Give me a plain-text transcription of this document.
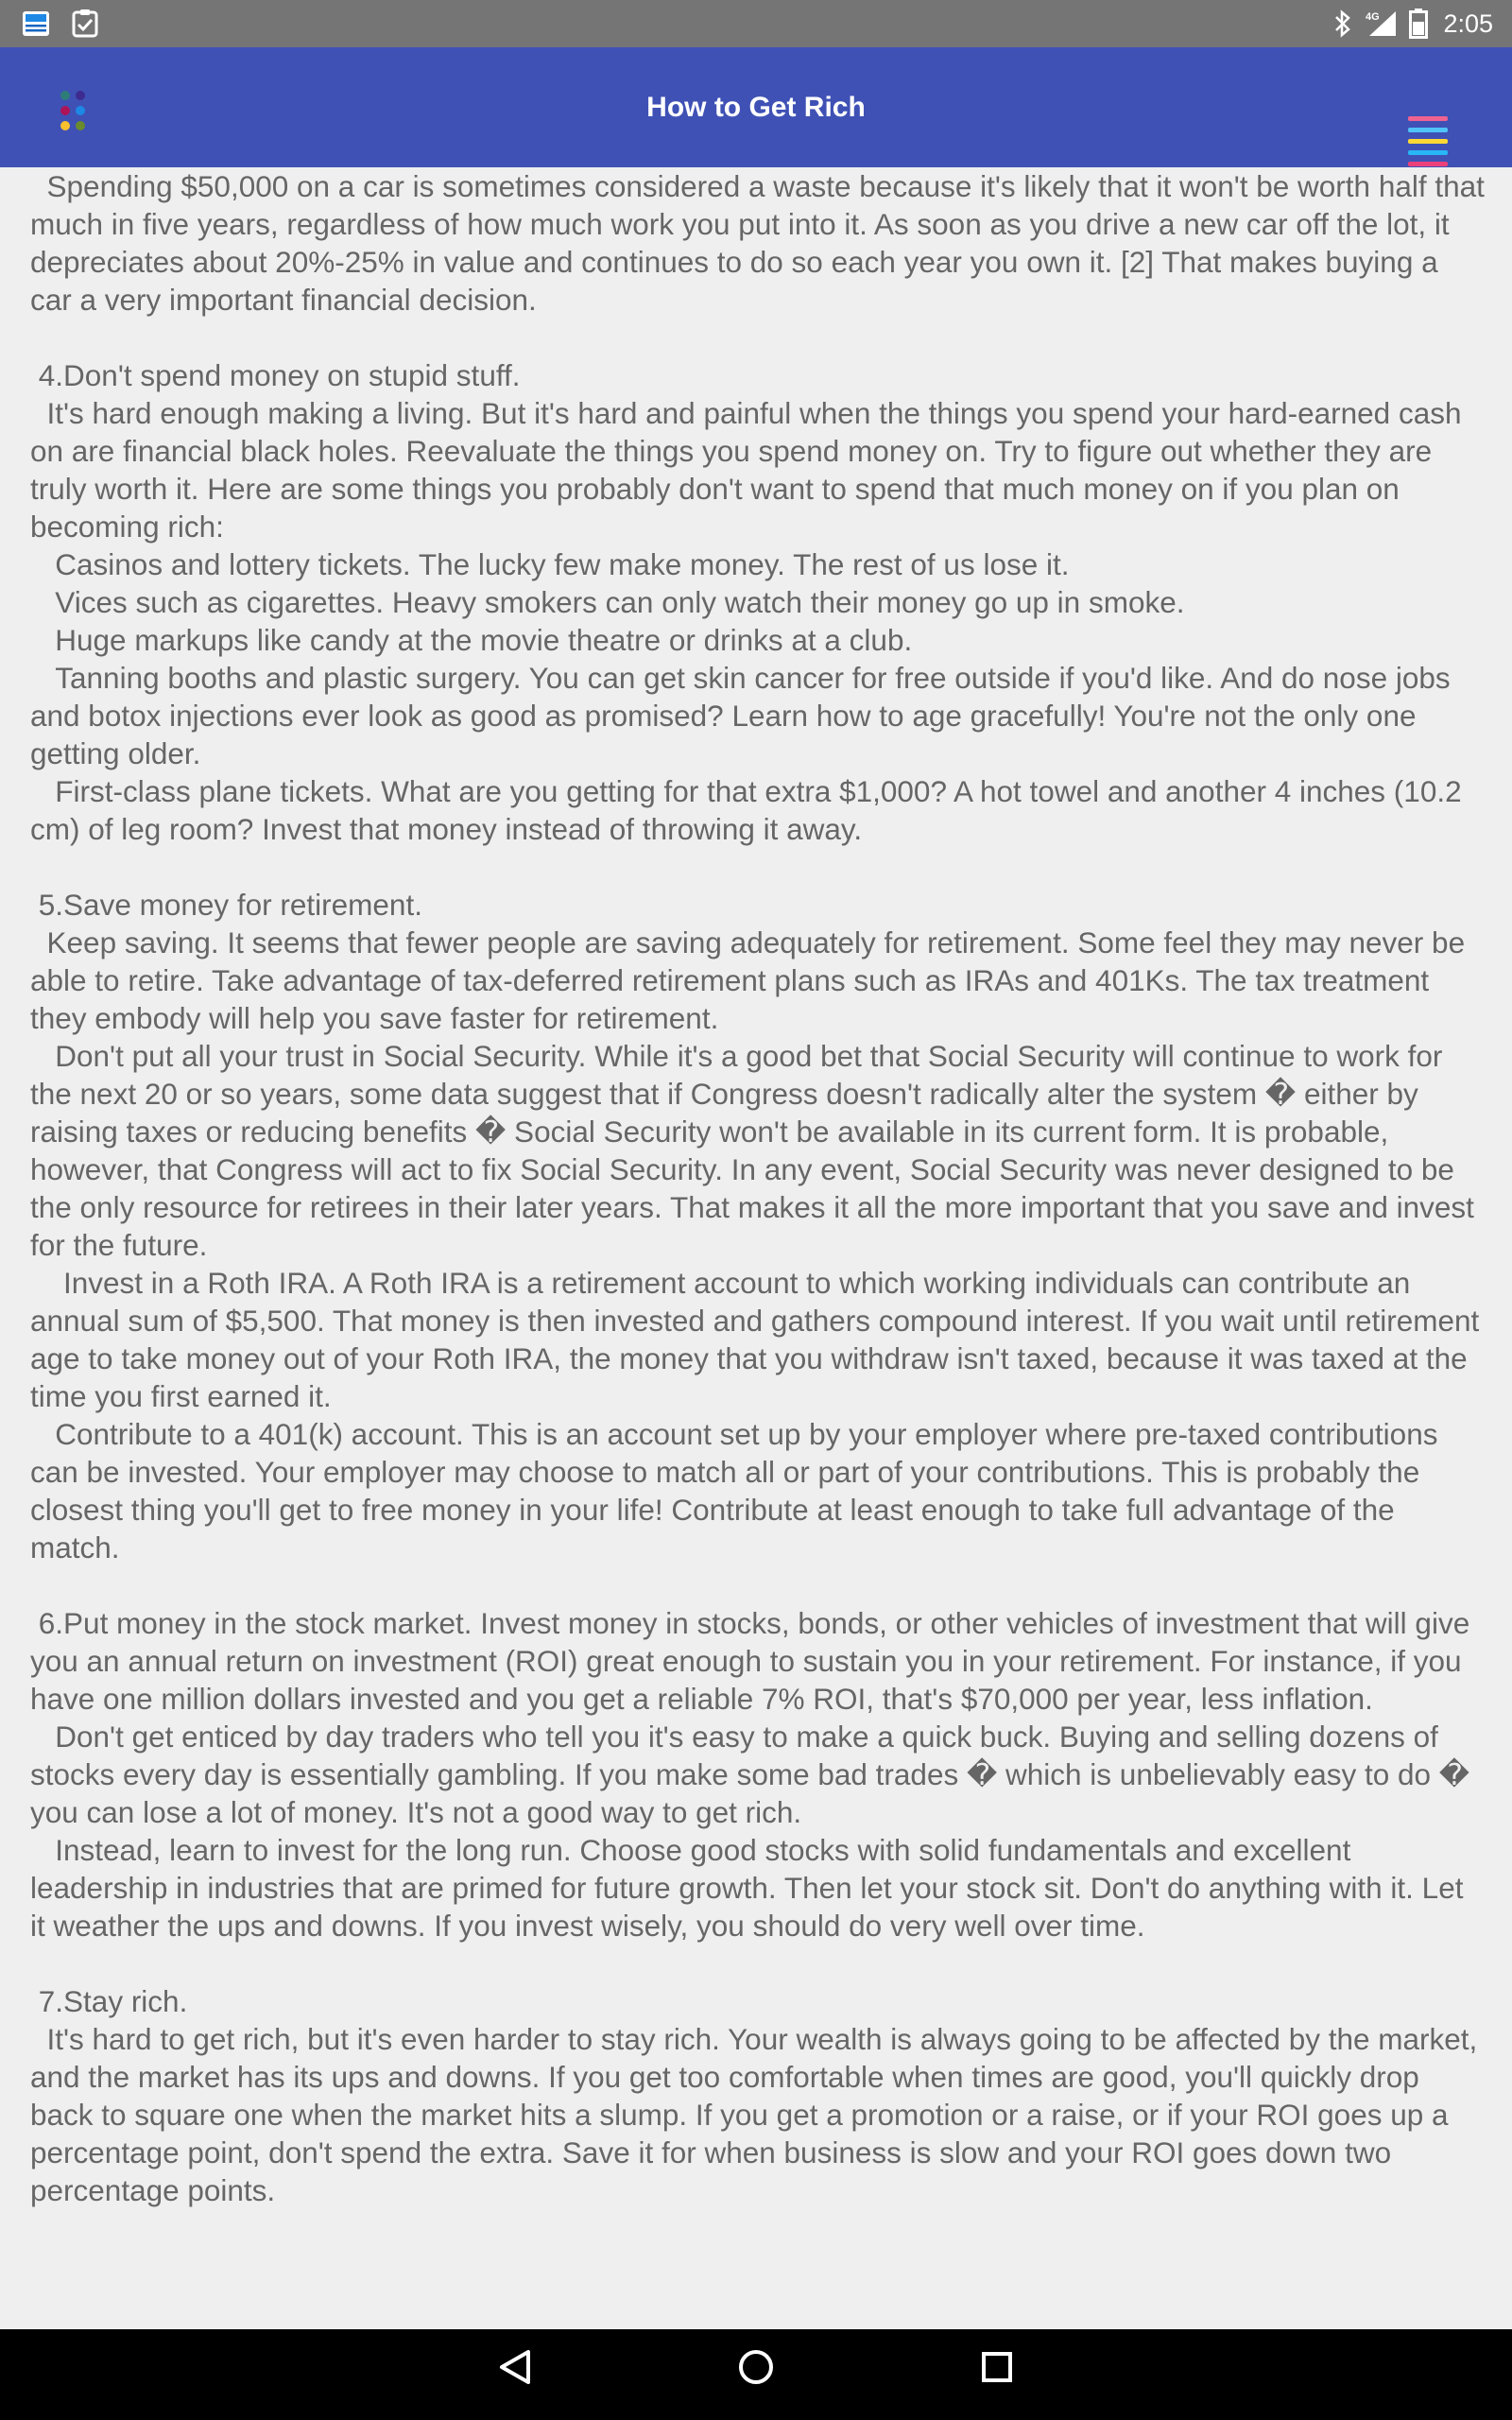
4G 2:05
How to Get Rich

Spending $50,000 on a car is sometimes considered a waste because it's likely that it won't be worth half that much in five years, regardless of how much work you put into it. As soon as you drive a new car off the lot, it depreciates about 20%-25% in value and continues to do so each year you own it. [2] That makes buying a car a very important financial decision.

4.Don't spend money on stupid stuff.
It's hard enough making a living. But it's hard and painful when the things you spend your hard-earned cash on are financial black holes. Reevaluate the things you spend money on. Try to figure out whether they are truly worth it. Here are some things you probably don't want to spend that much money on if you plan on becoming rich:
Casinos and lottery tickets. The lucky few make money. The rest of us lose it.
Vices such as cigarettes. Heavy smokers can only watch their money go up in smoke.
Huge markups like candy at the movie theatre or drinks at a club.
Tanning booths and plastic surgery. You can get skin cancer for free outside if you'd like. And do nose jobs and botox injections ever look as good as promised? Learn how to age gracefully! You're not the only one getting older.
First-class plane tickets. What are you getting for that extra $1,000? A hot towel and another 4 inches (10.2 cm) of leg room? Invest that money instead of throwing it away.

5.Save money for retirement.
Keep saving. It seems that fewer people are saving adequately for retirement. Some feel they may never be able to retire. Take advantage of tax-deferred retirement plans such as IRAs and 401Ks. The tax treatment they embody will help you save faster for retirement.
Don't put all your trust in Social Security. While it's a good bet that Social Security will continue to work for the next 20 or so years, some data suggest that if Congress doesn't radically alter the system � either by raising taxes or reducing benefits � Social Security won't be available in its current form. It is probable, however, that Congress will act to fix Social Security. In any event, Social Security was never designed to be the only resource for retirees in their later years. That makes it all the more important that you save and invest for the future.
Invest in a Roth IRA. A Roth IRA is a retirement account to which working individuals can contribute an annual sum of $5,500. That money is then invested and gathers compound interest. If you wait until retirement age to take money out of your Roth IRA, the money that you withdraw isn't taxed, because it was taxed at the time you first earned it.
Contribute to a 401(k) account. This is an account set up by your employer where pre-taxed contributions can be invested. Your employer may choose to match all or part of your contributions. This is probably the closest thing you'll get to free money in your life! Contribute at least enough to take full advantage of the match.

6.Put money in the stock market. Invest money in stocks, bonds, or other vehicles of investment that will give you an annual return on investment (ROI) great enough to sustain you in your retirement. For instance, if you have one million dollars invested and you get a reliable 7% ROI, that's $70,000 per year, less inflation.
Don't get enticed by day traders who tell you it's easy to make a quick buck. Buying and selling dozens of stocks every day is essentially gambling. If you make some bad trades � which is unbelievably easy to do � you can lose a lot of money. It's not a good way to get rich.
Instead, learn to invest for the long run. Choose good stocks with solid fundamentals and excellent leadership in industries that are primed for future growth. Then let your stock sit. Don't do anything with it. Let it weather the ups and downs. If you invest wisely, you should do very well over time.

7.Stay rich.
It's hard to get rich, but it's even harder to stay rich. Your wealth is always going to be affected by the market, and the market has its ups and downs. If you get too comfortable when times are good, you'll quickly drop back to square one when the market hits a slump. If you get a promotion or a raise, or if your ROI goes up a percentage point, don't spend the extra. Save it for when business is slow and your ROI goes down two percentage points.
